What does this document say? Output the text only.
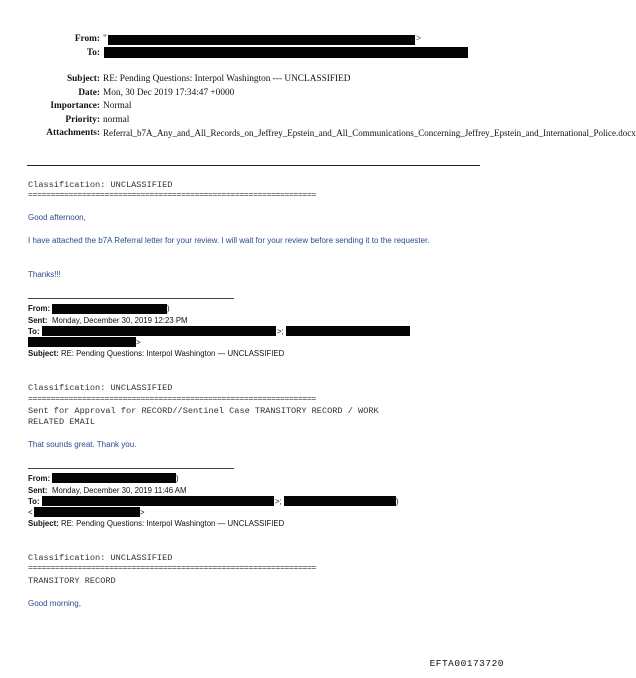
From: "	>
To:
Subject: RE: Pending Questions: Interpol Washington --- UNCLASSIFIED
Date: Mon, 30 Dec 2019 17:34:47 +0000
Importance: Normal
Priority: normal
Attachments: Referral_b7A_Any_and_All_Records_on_Jeffrey_Epstein_and_All_Communications_Concerning_Jeffrey_Epstein_and_International_Police.docx
Classification: UNCLASSIFIED
================================================================
Good afternoon,
I have attached the b7A Referral letter for your review. I will wait for your review before sending it to the requester.
Thanks!!!
From:	)
Sent: Monday, December 30, 2019 12:23 PM
To:	>;
>
Subject: RE: Pending Questions: Interpol Washington — UNCLASSIFIED
Classification: UNCLASSIFIED
================================================================
Sent for Approval for RECORD//Sentinel Case TRANSITORY RECORD / WORK
RELATED EMAIL
That sounds great. Thank you.
From:	)
Sent: Monday, December 30, 2019 11:46 AM
To:	>;	)
<	>
Subject: RE: Pending Questions: Interpol Washington — UNCLASSIFIED
Classification: UNCLASSIFIED
================================================================
TRANSITORY RECORD
Good morning,
EFTA00173720
